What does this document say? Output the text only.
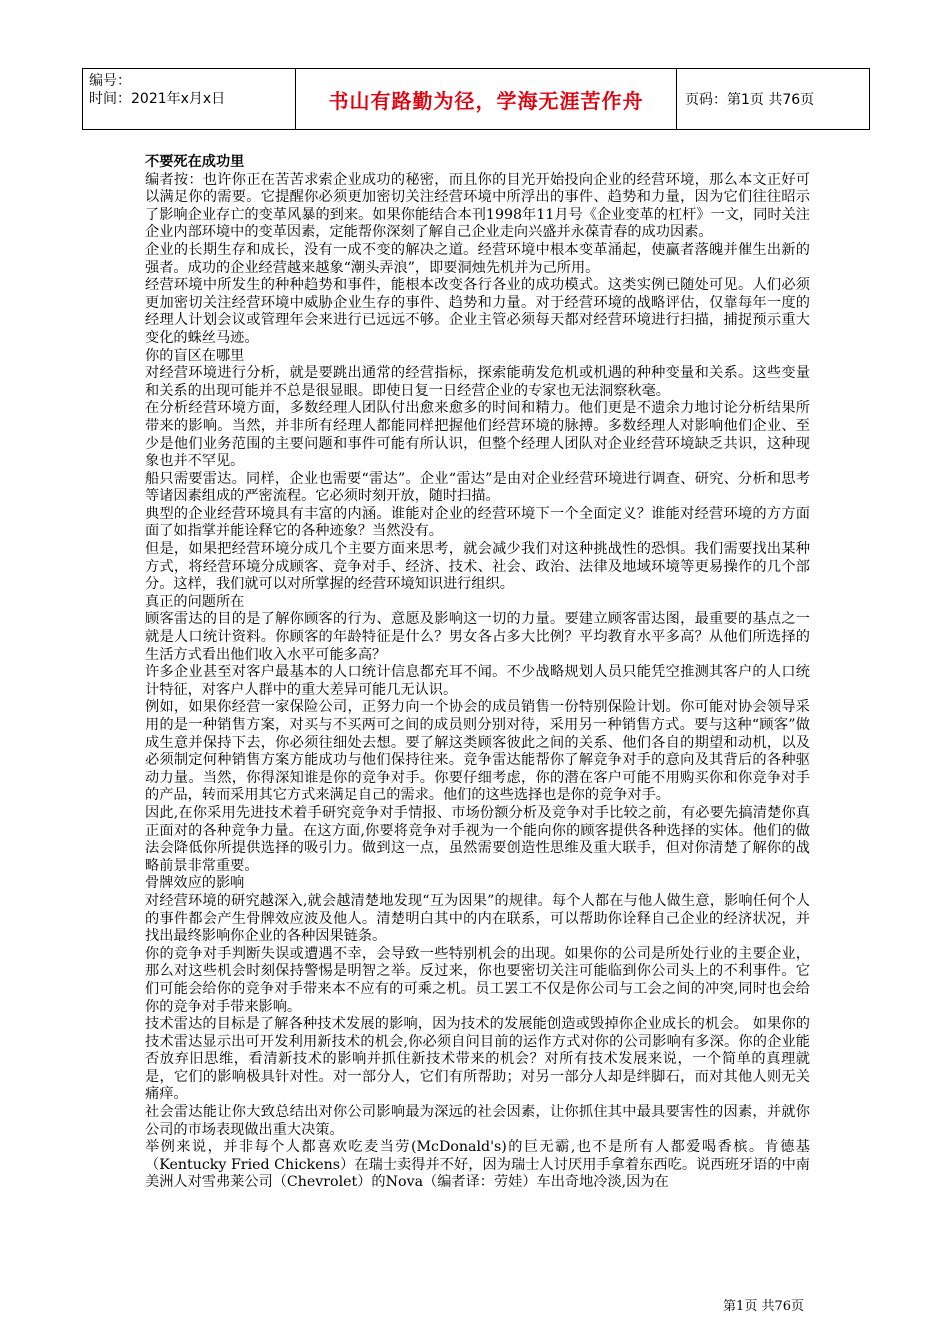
编号：
时间：2021年x月x日	书山有路勤为径，学海无涯苦作舟	页码：第1页 共76页

不要死在成功里

编者按：也许你正在苦苦求索企业成功的秘密，而且你的目光开始投向企业的经营环境，那么本文正好可以满足你的需要。它提醒你必须更加密切关注经营环境中所浮出的事件、趋势和力量，因为它们往往昭示了影响企业存亡的变革风暴的到来。如果你能结合本刊1998年11月号《企业变革的杠杆》一文，同时关注企业内部环境中的变革因素，定能帮你深刻了解自己企业走向兴盛并永葆青春的成功因素。

企业的长期生存和成长，没有一成不变的解决之道。经营环境中根本变革涌起，使赢者落魄并催生出新的强者。成功的企业经营越来越象“潮头弄浪”，即要洞烛先机并为己所用。

经营环境中所发生的种种趋势和事件，能根本改变各行各业的成功模式。这类实例已随处可见。人们必须更加密切关注经营环境中威胁企业生存的事件、趋势和力量。对于经营环境的战略评估，仅靠每年一度的经理人计划会议或管理年会来进行已远远不够。企业主管必须每天都对经营环境进行扫描，捕捉预示重大变化的蛛丝马迹。

你的盲区在哪里

对经营环境进行分析，就是要跳出通常的经营指标，探索能萌发危机或机遇的种种变量和关系。这些变量和关系的出现可能并不总是很显眼。即使日复一日经营企业的专家也无法洞察秋毫。

在分析经营环境方面，多数经理人团队付出愈来愈多的时间和精力。他们更是不遗余力地讨论分析结果所带来的影响。当然，并非所有经理人都能同样把握他们经营环境的脉搏。多数经理人对影响他们企业、至少是他们业务范围的主要问题和事件可能有所认识，但整个经理人团队对企业经营环境缺乏共识，这种现象也并不罕见。

船只需要雷达。同样，企业也需要“雷达”。企业“雷达”是由对企业经营环境进行调查、研究、分析和思考等诸因素组成的严密流程。它必须时刻开放，随时扫描。

典型的企业经营环境具有丰富的内涵。谁能对企业的经营环境下一个全面定义？谁能对经营环境的方方面面了如指掌并能诠释它的各种迹象？当然没有。

但是，如果把经营环境分成几个主要方面来思考，就会减少我们对这种挑战性的恐惧。我们需要找出某种方式，将经营环境分成顾客、竞争对手、经济、技术、社会、政治、法律及地域环境等更易操作的几个部分。这样，我们就可以对所掌握的经营环境知识进行组织。

真正的问题所在

顾客雷达的目的是了解你顾客的行为、意愿及影响这一切的力量。要建立顾客雷达图，最重要的基点之一就是人口统计资料。你顾客的年龄特征是什么？男女各占多大比例？平均教育水平多高？从他们所选择的生活方式看出他们收入水平可能多高？

许多企业甚至对客户最基本的人口统计信息都充耳不闻。不少战略规划人员只能凭空推测其客户的人口统计特征，对客户人群中的重大差异可能几无认识。

例如，如果你经营一家保险公司，正努力向一个协会的成员销售一份特别保险计划。你可能对协会领导采用的是一种销售方案，对买与不买两可之间的成员则分别对待，采用另一种销售方式。要与这种“顾客”做成生意并保持下去，你必须往细处去想。要了解这类顾客彼此之间的关系、他们各自的期望和动机，以及必须制定何种销售方案方能成功与他们保持往来。竞争雷达能帮你了解竞争对手的意向及其背后的各种驱动力量。当然，你得深知谁是你的竞争对手。你要仔细考虑，你的潜在客户可能不用购买你和你竞争对手的产品，转而采用其它方式来满足自己的需求。他们的这些选择也是你的竞争对手。

因此,在你采用先进技术着手研究竞争对手情报、市场份额分析及竞争对手比较之前，有必要先搞清楚你真正面对的各种竞争力量。在这方面,你要将竞争对手视为一个能向你的顾客提供各种选择的实体。他们的做法会降低你所提供选择的吸引力。做到这一点，虽然需要创造性思维及重大联手，但对你清楚了解你的战略前景非常重要。

骨牌效应的影响

对经营环境的研究越深入,就会越清楚地发现“互为因果”的规律。每个人都在与他人做生意，影响任何个人的事件都会产生骨牌效应波及他人。清楚明白其中的内在联系，可以帮助你诠释自己企业的经济状况，并找出最终影响你企业的各种因果链条。

你的竞争对手判断失误或遭遇不幸，会导致一些特别机会的出现。如果你的公司是所处行业的主要企业，那么对这些机会时刻保持警惕是明智之举。反过来，你也要密切关注可能临到你公司头上的不利事件。它们可能会给你的竞争对手带来本不应有的可乘之机。员工罢工不仅是你公司与工会之间的冲突,同时也会给你的竞争对手带来影响。

技术雷达的目标是了解各种技术发展的影响，因为技术的发展能创造或毁掉你企业成长的机会。 如果你的技术雷达显示出可开发利用新技术的机会,你必须自问目前的运作方式对你的公司影响有多深。你的企业能否放弃旧思维，看清新技术的影响并抓住新技术带来的机会？对所有技术发展来说，一个简单的真理就是，它们的影响极具针对性。对一部分人，它们有所帮助；对另一部分人却是绊脚石，而对其他人则无关痛痒。

社会雷达能让你大致总结出对你公司影响最为深远的社会因素，让你抓住其中最具要害性的因素，并就你公司的市场表现做出重大决策。

举例来说，并非每个人都喜欢吃麦当劳(McDonald's)的巨无霸,也不是所有人都爱喝香槟。肯德基（Kentucky Fried Chickens）在瑞士卖得并不好，因为瑞士人讨厌用手拿着东西吃。说西班牙语的中南美洲人对雪弗莱公司（Chevrolet）的Nova（编者译：劳娃）车出奇地冷淡,因为在

第1页 共76页
